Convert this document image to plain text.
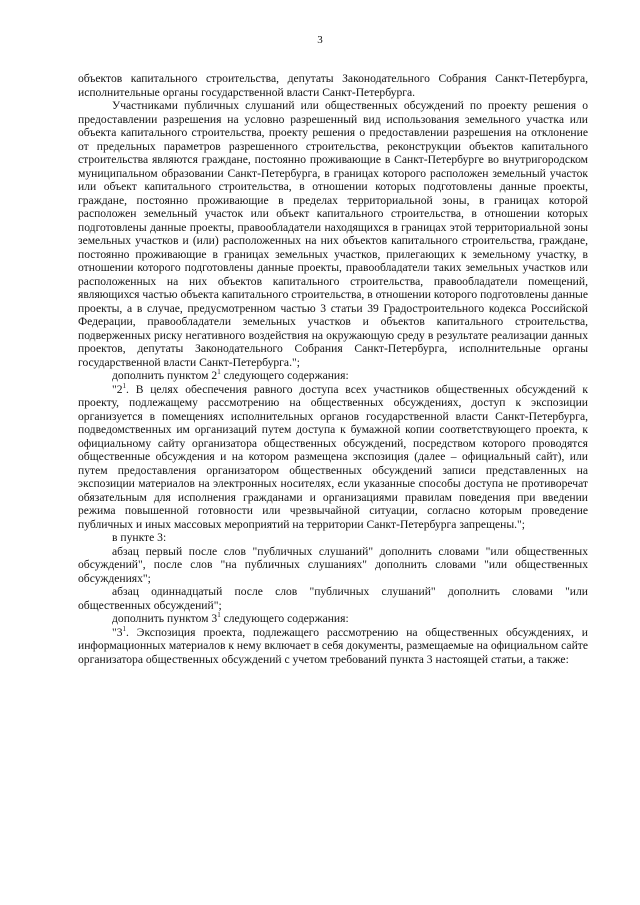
3

объектов капитального строительства, депутаты Законодательного Собрания Санкт-Петербурга, исполнительные органы государственной власти Санкт-Петербурга.

Участниками публичных слушаний или общественных обсуждений по проекту решения о предоставлении разрешения на условно разрешенный вид использования земельного участка или объекта капитального строительства, проекту решения о предоставлении разрешения на отклонение от предельных параметров разрешенного строительства, реконструкции объектов капитального строительства являются граждане, постоянно проживающие в Санкт-Петербурге во внутригородском муниципальном образовании Санкт-Петербурга, в границах которого расположен земельный участок или объект капитального строительства, в отношении которых подготовлены данные проекты, граждане, постоянно проживающие в пределах территориальной зоны, в границах которой расположен земельный участок или объект капитального строительства, в отношении которых подготовлены данные проекты, правообладатели находящихся в границах этой территориальной зоны земельных участков и (или) расположенных на них объектов капитального строительства, граждане, постоянно проживающие в границах земельных участков, прилегающих к земельному участку, в отношении которого подготовлены данные проекты, правообладатели таких земельных участков или расположенных на них объектов капитального строительства, правообладатели помещений, являющихся частью объекта капитального строительства, в отношении которого подготовлены данные проекты, а в случае, предусмотренном частью 3 статьи 39 Градостроительного кодекса Российской Федерации, правообладатели земельных участков и объектов капитального строительства, подверженных риску негативного воздействия на окружающую среду в результате реализации данных проектов, депутаты Законодательного Собрания Санкт-Петербурга, исполнительные органы государственной власти Санкт-Петербурга.";

дополнить пунктом $2^1$ следующего содержания:

"$2^1$. В целях обеспечения равного доступа всех участников общественных обсуждений к проекту, подлежащему рассмотрению на общественных обсуждениях, доступ к экспозиции организуется в помещениях исполнительных органов государственной власти Санкт-Петербурга, подведомственных им организаций путем доступа к бумажной копии соответствующего проекта, к официальному сайту организатора общественных обсуждений, посредством которого проводятся общественные обсуждения и на котором размещена экспозиция (далее – официальный сайт), или путем предоставления организатором общественных обсуждений записи представленных на экспозиции материалов на электронных носителях, если указанные способы доступа не противоречат обязательным для исполнения гражданами и организациями правилам поведения при введении режима повышенной готовности или чрезвычайной ситуации, согласно которым проведение публичных и иных массовых мероприятий на территории Санкт-Петербурга запрещены.";

в пункте 3:

абзац первый после слов "публичных слушаний" дополнить словами "или общественных обсуждений", после слов "на публичных слушаниях" дополнить словами "или общественных обсуждениях";

абзац одиннадцатый после слов "публичных слушаний" дополнить словами "или общественных обсуждений";

дополнить пунктом $3^1$ следующего содержания:

"$3^1$. Экспозиция проекта, подлежащего рассмотрению на общественных обсуждениях, и информационных материалов к нему включает в себя документы, размещаемые на официальном сайте организатора общественных обсуждений с учетом требований пункта 3 настоящей статьи, а также:
